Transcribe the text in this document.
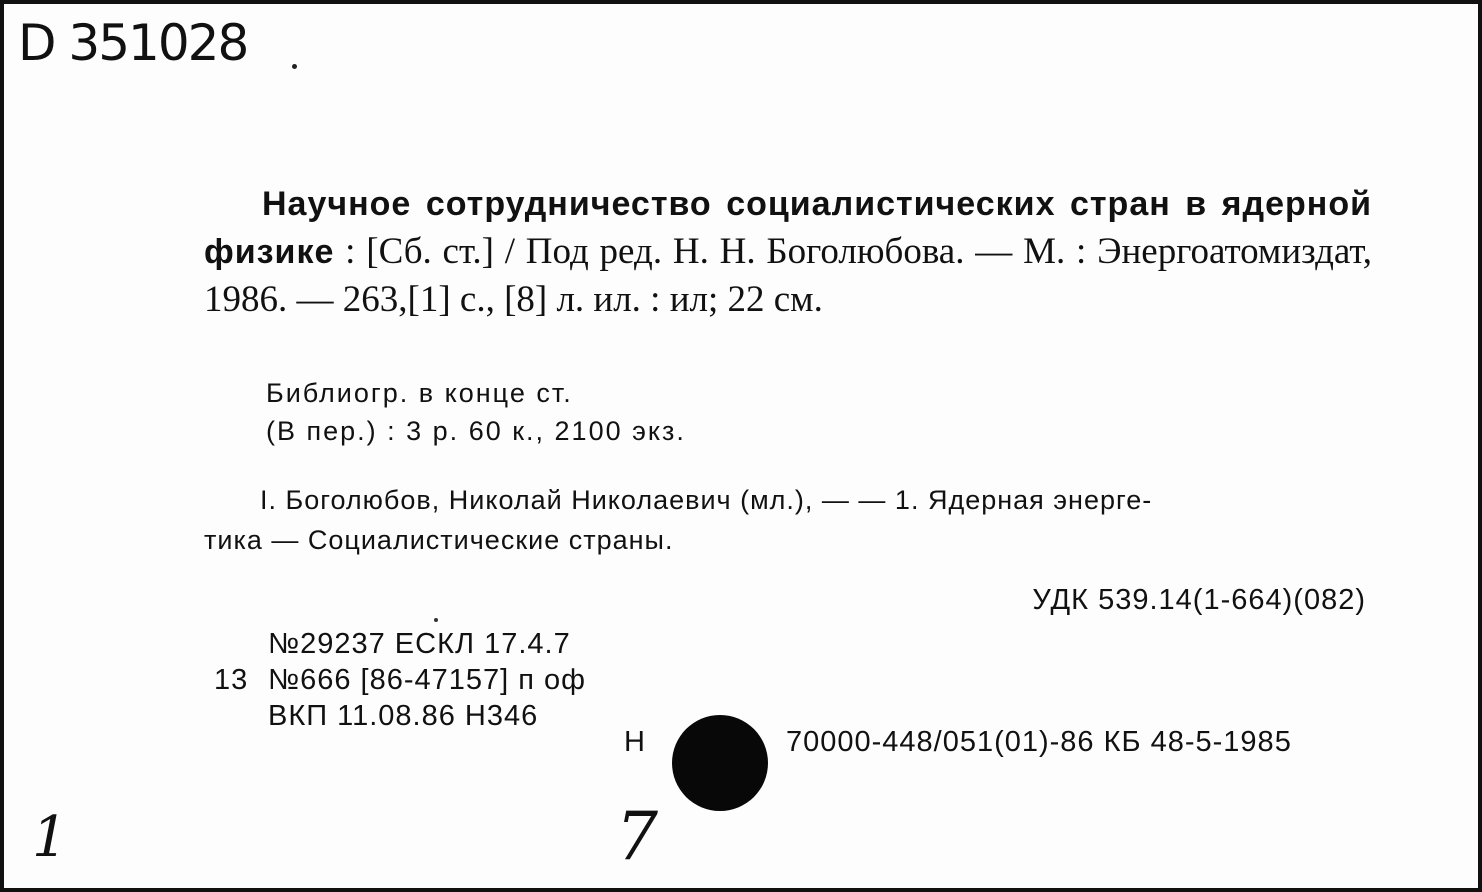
D 351028
Научное сотрудничество социалистических стран в ядерной физике : [Сб. ст.] / Под ред. Н. Н. Боголюбова. — М. : Энергоатомиздат, 1986. — 263,[1] с., [8] л. ил. : ил; 22 см.
Библиогр. в конце ст.
(В пер.) : 3 р. 60 к., 2100 экз.
I. Боголюбов, Николай Николаевич (мл.), — — 1. Ядерная энерге-
тика — Социалистические страны.
УДК 539.14(1-664)(082)
№29237 ЕСКЛ 17.4.7
13 №666 [86-47157] п оф
ВКП 11.08.86 Н346
Н	70000-448/051(01)-86 КБ 48-5-1985
1	7
